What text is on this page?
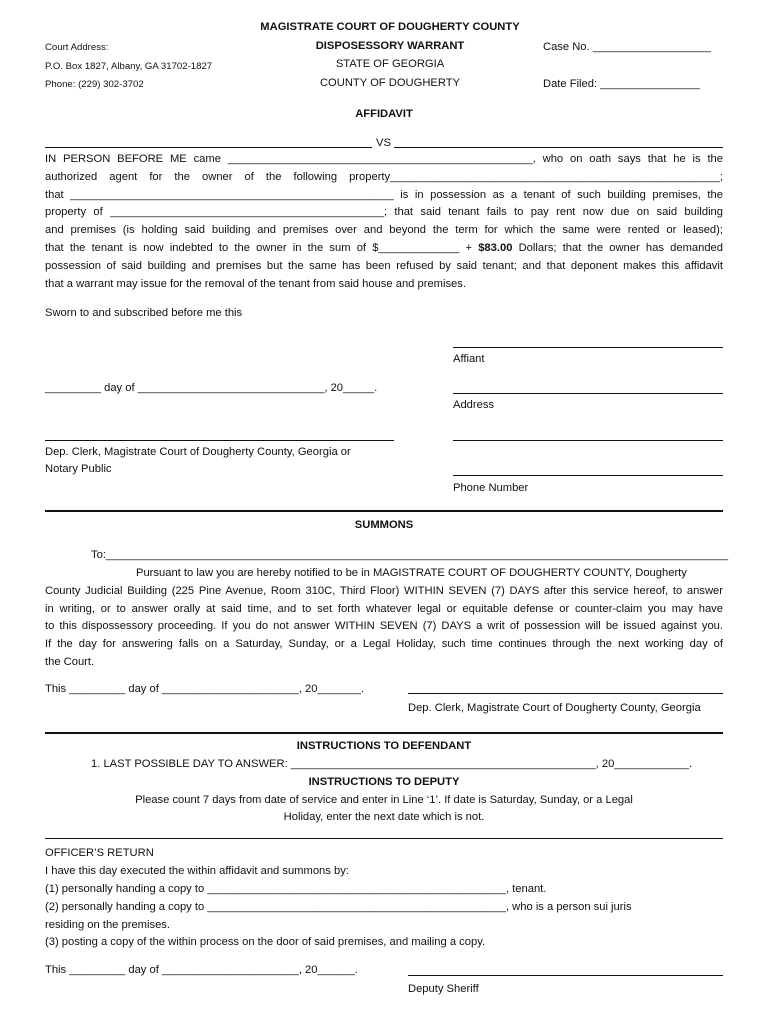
MAGISTRATE COURT OF DOUGHERTY COUNTY
DISPOSESSORY WARRANT
STATE OF GEORGIA
COUNTY OF DOUGHERTY
Court Address:
P.O. Box 1827, Albany, GA 31702-1827
Phone: (229) 302-3702
Case No. ___________________
Date Filed: ________________
AFFIDAVIT
VS
IN PERSON BEFORE ME came _________________________________________________, who on oath says that he is the
authorized agent for the owner of the following property_____________________________________________________;
that ____________________________________________________ is in possession as a tenant of such building premises, the
property of ____________________________________________; that said tenant fails to pay rent now due on said building
and premises (is holding said building and premises over and beyond the term for which the same were rented or leased);
that the tenant is now indebted to the owner in the sum of $_____________ + $83.00 Dollars; that the owner has demanded
possession of said building and premises but the same has been refused by said tenant; and that deponent makes this affidavit
that a warrant may issue for the removal of the tenant from said house and premises.
Sworn to and subscribed before me this
Affiant
_________ day of ______________________________, 20_____.
Address
Dep. Clerk, Magistrate Court of Dougherty County, Georgia or
Notary Public
Phone Number
SUMMONS
To:____________________________________________________________________________________________________
Pursuant to law you are hereby notified to be in MAGISTRATE COURT OF DOUGHERTY COUNTY, Dougherty
County Judicial Building (225 Pine Avenue, Room 310C, Third Floor) WITHIN SEVEN (7) DAYS after this service hereof, to answer
in writing, or to answer orally at said time, and to set forth whatever legal or equitable defense or counter-claim you may have
to this dispossessory proceeding. If you do not answer WITHIN SEVEN (7) DAYS a writ of possession will be issued against you.
If the day for answering falls on a Saturday, Sunday, or a Legal Holiday, such time continues through the next working day of
the Court.
This _________ day of ______________________, 20_______.
Dep. Clerk, Magistrate Court of Dougherty County, Georgia
INSTRUCTIONS TO DEFENDANT
1. LAST POSSIBLE DAY TO ANSWER: _________________________________________________, 20____________.
INSTRUCTIONS TO DEPUTY
Please count 7 days from date of service and enter in Line ‘1’. If date is Saturday, Sunday, or a Legal
Holiday, enter the next date which is not.
OFFICER’S RETURN
I have this day executed the within affidavit and summons by:
(1) personally handing a copy to ________________________________________________, tenant.
(2) personally handing a copy to ________________________________________________, who is a person sui juris
residing on the premises.
(3) posting a copy of the within process on the door of said premises, and mailing a copy.
This _________ day of ______________________, 20______.
Deputy Sheriff
